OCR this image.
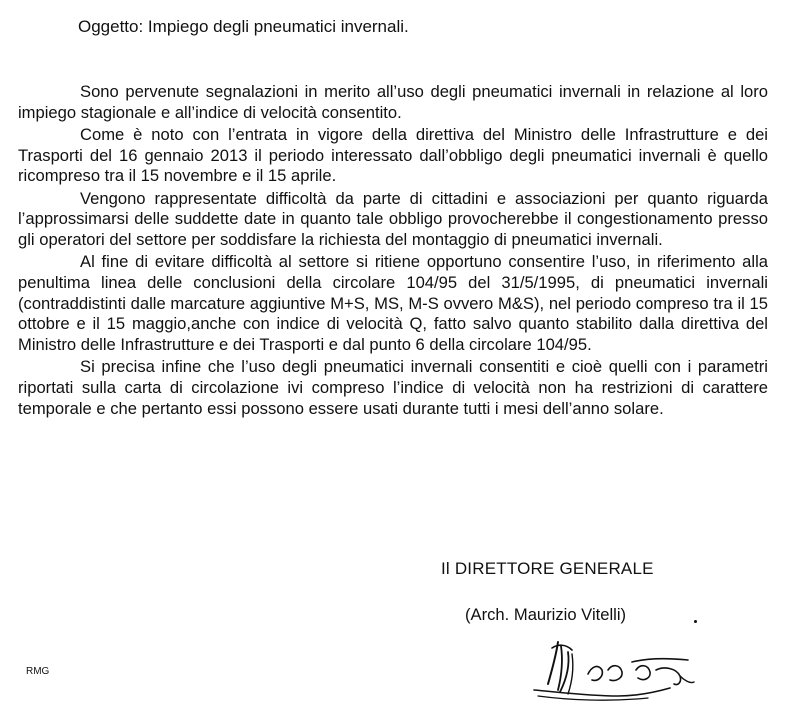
Oggetto: Impiego degli pneumatici invernali.

Sono pervenute segnalazioni in merito all’uso degli pneumatici invernali in relazione al loro impiego stagionale e all’indice di velocità consentito.

Come è noto con l’entrata in vigore della direttiva del Ministro delle Infrastrutture e dei Trasporti del 16 gennaio 2013 il periodo interessato dall’obbligo degli pneumatici invernali è quello ricompreso tra il 15 novembre e il 15 aprile.

Vengono rappresentate difficoltà da parte di cittadini e associazioni per quanto riguarda l’approssimarsi delle suddette date in quanto tale obbligo provocherebbe il congestionamento presso gli operatori del settore per soddisfare la richiesta del montaggio di pneumatici invernali.

Al fine di evitare difficoltà al settore si ritiene opportuno consentire l’uso, in riferimento alla penultima linea delle conclusioni della circolare 104/95 del 31/5/1995, di pneumatici invernali (contraddistinti dalle marcature aggiuntive M+S, MS, M-S ovvero M&S), nel periodo compreso tra il 15 ottobre e il 15 maggio,anche con indice di velocità Q, fatto salvo quanto stabilito dalla direttiva del Ministro delle Infrastrutture e dei Trasporti e dal punto 6 della circolare 104/95.

Si precisa infine che l’uso degli pneumatici invernali consentiti e cioè quelli con i parametri riportati sulla carta di circolazione ivi compreso l’indice di velocità non ha restrizioni di carattere temporale e che pertanto essi possono essere usati durante tutti i mesi dell’anno solare.

Il DIRETTORE GENERALE
(Arch. Maurizio Vitelli)
RMG
